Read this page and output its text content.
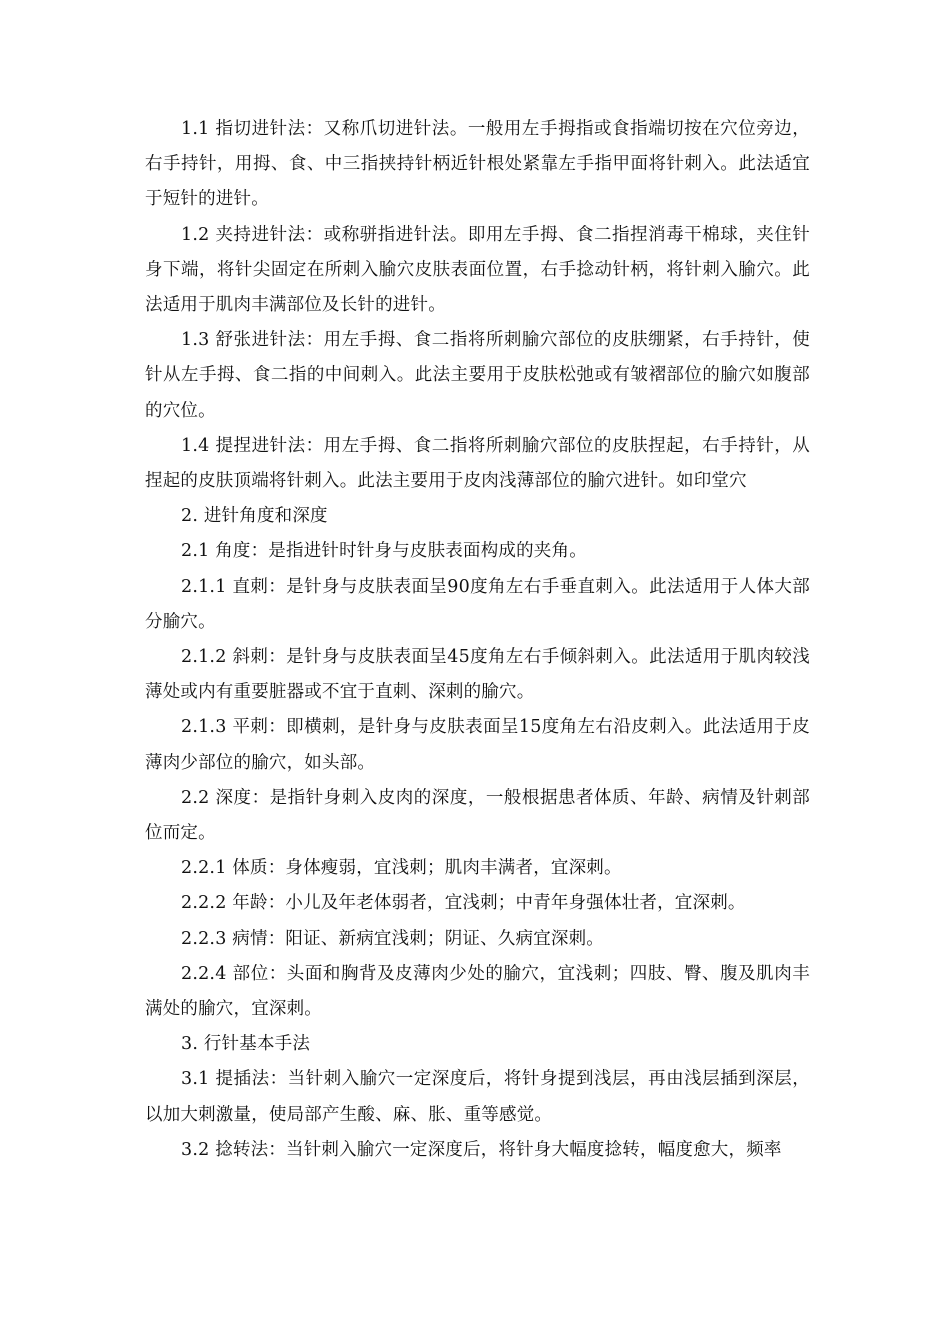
1.1 指切进针法：又称爪切进针法。一般用左手拇指或食指端切按在穴位旁边，右手持针，用拇、食、中三指挟持针柄近针根处紧靠左手指甲面将针刺入。此法适宜于短针的进针。

1.2 夹持进针法：或称骈指进针法。即用左手拇、食二指捏消毒干棉球，夹住针身下端，将针尖固定在所刺入腧穴皮肤表面位置，右手捻动针柄，将针刺入腧穴。此法适用于肌肉丰满部位及长针的进针。

1.3 舒张进针法：用左手拇、食二指将所刺腧穴部位的皮肤绷紧，右手持针，使针从左手拇、食二指的中间刺入。此法主要用于皮肤松弛或有皱褶部位的腧穴如腹部的穴位。

1.4 提捏进针法：用左手拇、食二指将所刺腧穴部位的皮肤捏起，右手持针，从捏起的皮肤顶端将针刺入。此法主要用于皮肉浅薄部位的腧穴进针。如印堂穴

2. 进针角度和深度

2.1 角度：是指进针时针身与皮肤表面构成的夹角。

2.1.1 直刺：是针身与皮肤表面呈90度角左右手垂直刺入。此法适用于人体大部分腧穴。

2.1.2 斜刺：是针身与皮肤表面呈45度角左右手倾斜刺入。此法适用于肌肉较浅薄处或内有重要脏器或不宜于直刺、深刺的腧穴。

2.1.3 平刺：即横刺，是针身与皮肤表面呈15度角左右沿皮刺入。此法适用于皮薄肉少部位的腧穴，如头部。

2.2 深度：是指针身刺入皮肉的深度，一般根据患者体质、年龄、病情及针刺部位而定。

2.2.1 体质：身体瘦弱，宜浅刺；肌肉丰满者，宜深刺。

2.2.2 年龄：小儿及年老体弱者，宜浅刺；中青年身强体壮者，宜深刺。

2.2.3 病情：阳证、新病宜浅刺；阴证、久病宜深刺。

2.2.4 部位：头面和胸背及皮薄肉少处的腧穴，宜浅刺；四肢、臀、腹及肌肉丰满处的腧穴，宜深刺。

3. 行针基本手法

3.1 提插法：当针刺入腧穴一定深度后，将针身提到浅层，再由浅层插到深层，以加大刺激量，使局部产生酸、麻、胀、重等感觉。

3.2 捻转法：当针刺入腧穴一定深度后，将针身大幅度捻转，幅度愈大，频率
